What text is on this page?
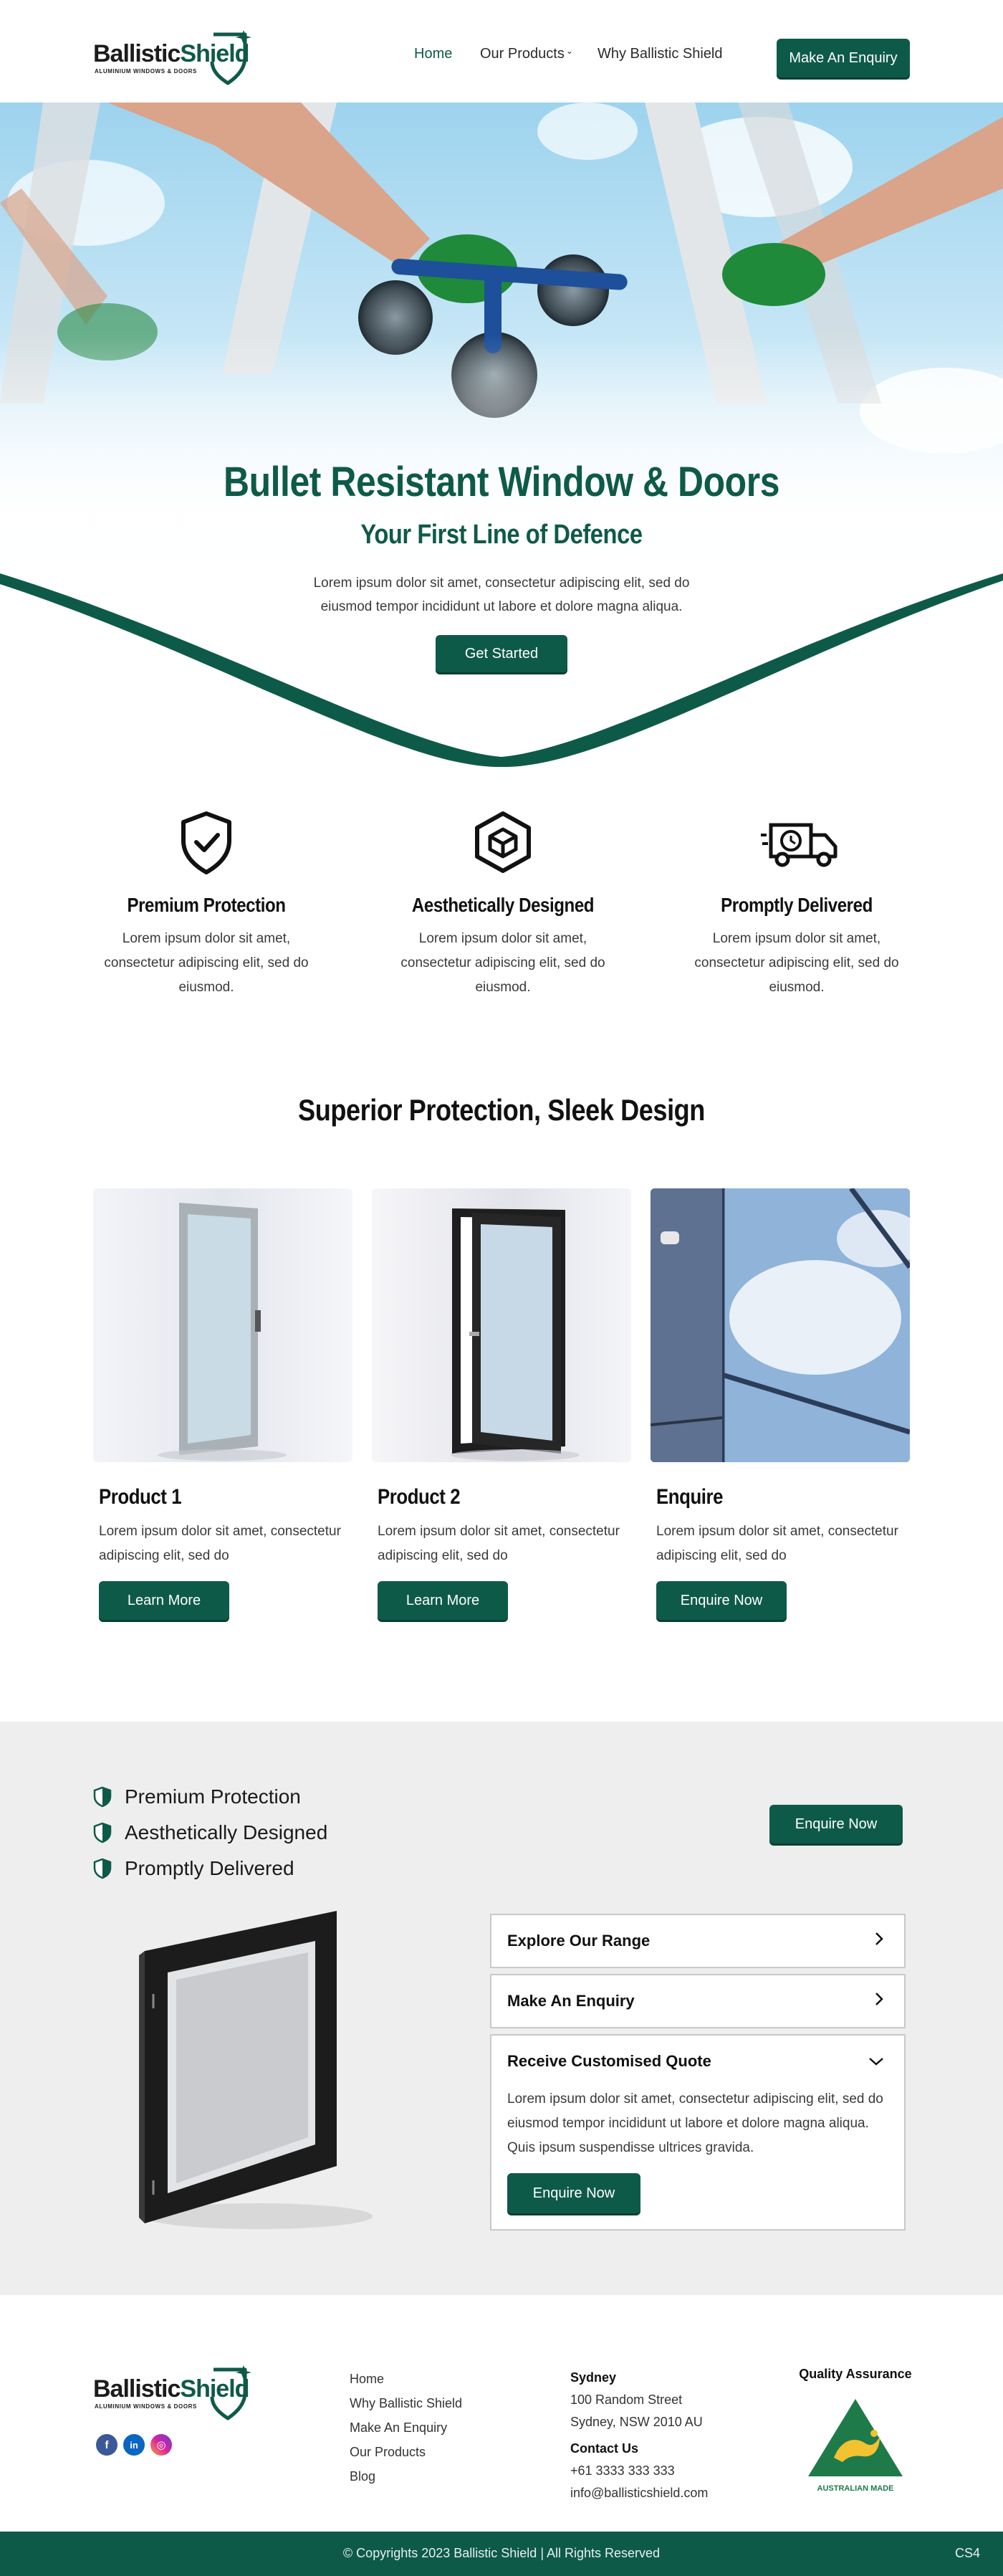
BallisticShield
ALUMINIUM WINDOWS & DOORS
Home Our Products ⌄ Why Ballistic Shield	Make An Enquiry
Bullet Resistant Window & Doors
Your First Line of Defence
Lorem ipsum dolor sit amet, consectetur adipiscing elit, sed do eiusmod tempor incididunt ut labore et dolore magna aliqua.
Get Started
Premium Protection

Lorem ipsum dolor sit amet, consectetur adipiscing elit, sed do eiusmod.

Aesthetically Designed

Lorem ipsum dolor sit amet, consectetur adipiscing elit, sed do eiusmod.

Promptly Delivered

Lorem ipsum dolor sit amet, consectetur adipiscing elit, sed do eiusmod.

Superior Protection, Sleek Design
Product 1

Lorem ipsum dolor sit amet, consectetur adipiscing elit, sed do

Learn More
Product 2

Lorem ipsum dolor sit amet, consectetur adipiscing elit, sed do

Learn More
Enquire

Lorem ipsum dolor sit amet, consectetur adipiscing elit, sed do

Enquire Now
Premium Protection
Aesthetically Designed
Promptly Delivered
Enquire Now
Explore Our Range
Make An Enquiry
Receive Customised Quote

Lorem ipsum dolor sit amet, consectetur adipiscing elit, sed do eiusmod tempor incididunt ut labore et dolore magna aliqua. Quis ipsum suspendisse ultrices gravida.

Enquire Now
BallisticShield
ALUMINIUM WINDOWS & DOORS
f	in	◎
Home
Why Ballistic Shield
Make An Enquiry
Our Products
Blog
Sydney
100 Random Street
Sydney, NSW 2010 AU
Contact Us
+61 3333 333 333
info@ballisticshield.com
Quality Assurance
AUSTRALIAN MADE
© Copyrights 2023 Ballistic Shield | All Rights Reserved	CS4
